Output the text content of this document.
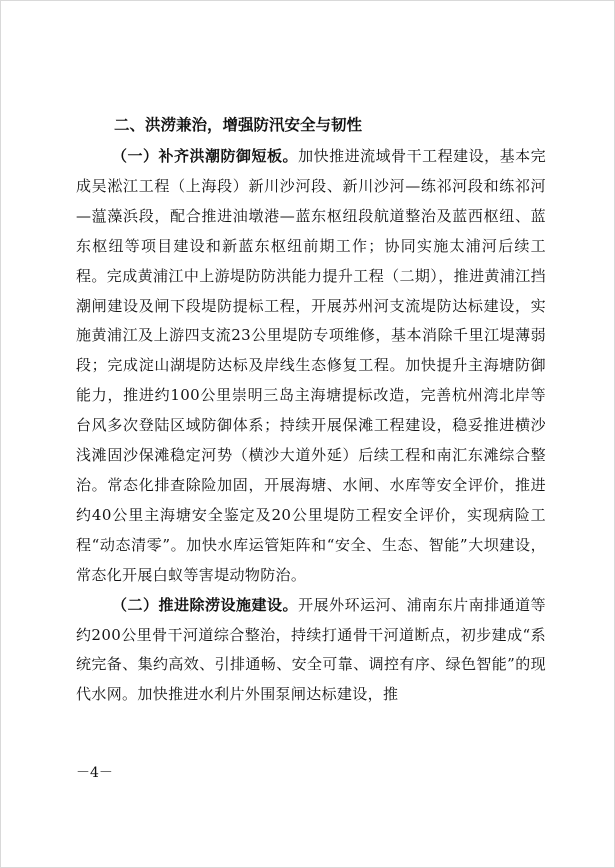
二、洪涝兼治，增强防汛安全与韧性

（一）补齐洪潮防御短板。加快推进流域骨干工程建设，基本完成吴淞江工程（上海段）新川沙河段、新川沙河—练祁河段和练祁河—蕰藻浜段，配合推进油墩港—蓝东枢纽段航道整治及蓝西枢纽、蓝东枢纽等项目建设和新蓝东枢纽前期工作；协同实施太浦河后续工程。完成黄浦江中上游堤防防洪能力提升工程（二期），推进黄浦江挡潮闸建设及闸下段堤防提标工程，开展苏州河支流堤防达标建设，实施黄浦江及上游四支流23公里堤防专项维修，基本消除千里江堤薄弱段；完成淀山湖堤防达标及岸线生态修复工程。加快提升主海塘防御能力，推进约100公里崇明三岛主海塘提标改造，完善杭州湾北岸等台风多次登陆区域防御体系；持续开展保滩工程建设，稳妥推进横沙浅滩固沙保滩稳定河势（横沙大道外延）后续工程和南汇东滩综合整治。常态化排查除险加固，开展海塘、水闸、水库等安全评价，推进约40公里主海塘安全鉴定及20公里堤防工程安全评价，实现病险工程“动态清零”。加快水库运管矩阵和“安全、生态、智能”大坝建设，常态化开展白蚁等害堤动物防治。

（二）推进除涝设施建设。开展外环运河、浦南东片南排通道等约200公里骨干河道综合整治，持续打通骨干河道断点，初步建成“系统完备、集约高效、引排通畅、安全可靠、调控有序、绿色智能”的现代水网。加快推进水利片外围泵闸达标建设，推

－4－
